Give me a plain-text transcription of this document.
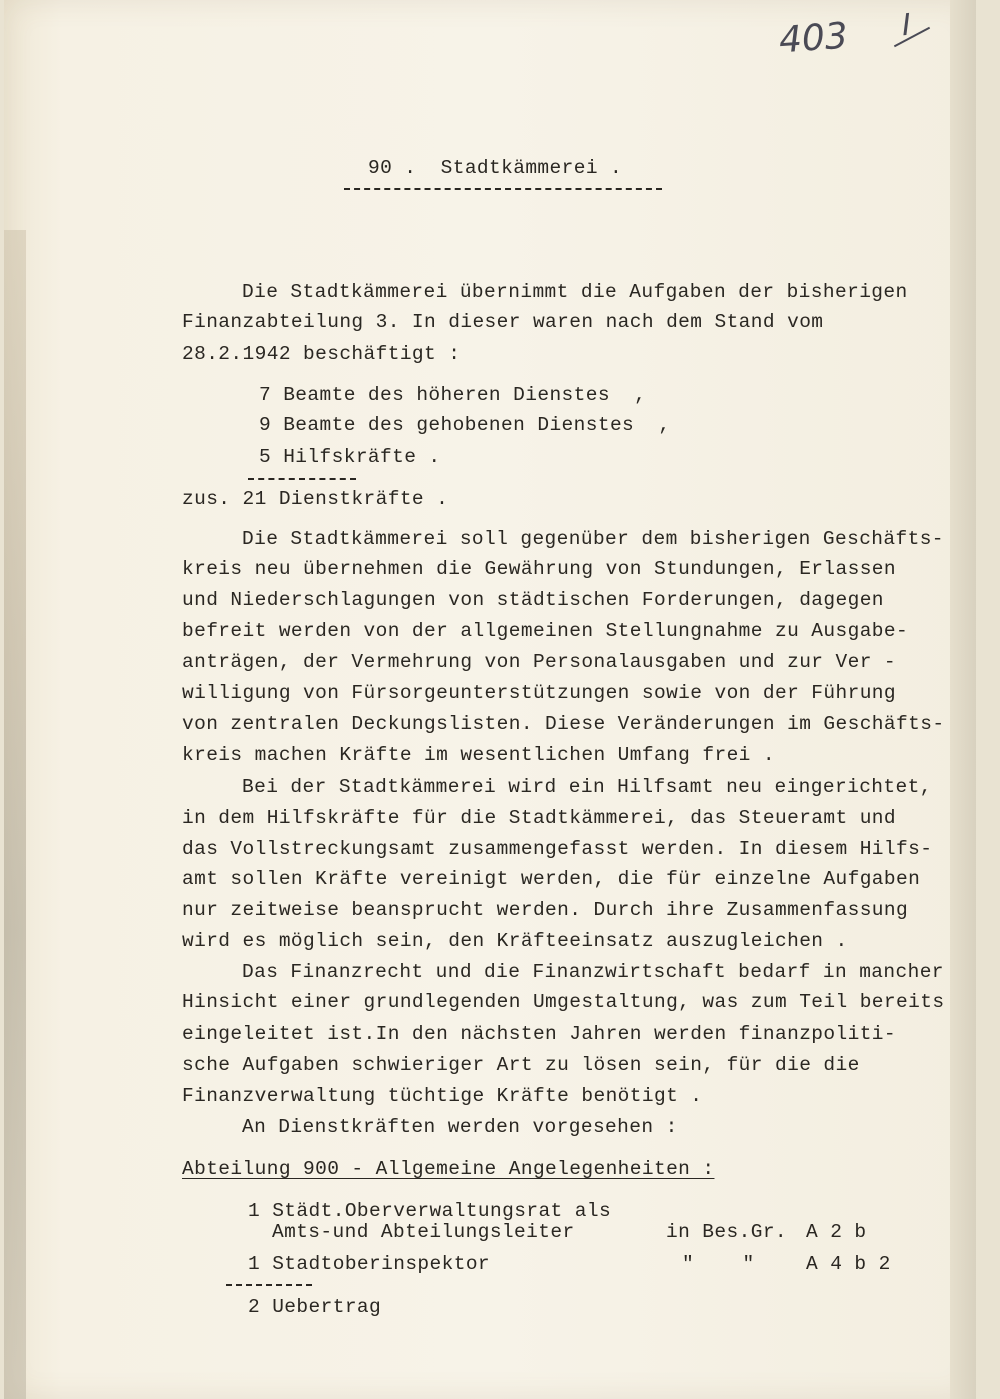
403 I
90 .  Stadtkämmerei .
Die Stadtkämmerei übernimmt die Aufgaben der bisherigen
Finanzabteilung 3. In dieser waren nach dem Stand vom
28.2.1942 beschäftigt :
7 Beamte des höheren Dienstes  ,
9 Beamte des gehobenen Dienstes  ,
5 Hilfskräfte .
zus. 21 Dienstkräfte .
Die Stadtkämmerei soll gegenüber dem bisherigen Geschäfts-
kreis neu übernehmen die Gewährung von Stundungen, Erlassen
und Niederschlagungen von städtischen Forderungen, dagegen
befreit werden von der allgemeinen Stellungnahme zu Ausgabe-
anträgen, der Vermehrung von Personalausgaben und zur Ver -
willigung von Fürsorgeunterstützungen sowie von der Führung
von zentralen Deckungslisten. Diese Veränderungen im Geschäfts-
kreis machen Kräfte im wesentlichen Umfang frei .
Bei der Stadtkämmerei wird ein Hilfsamt neu eingerichtet,
in dem Hilfskräfte für die Stadtkämmerei, das Steueramt und
das Vollstreckungsamt zusammengefasst werden. In diesem Hilfs-
amt sollen Kräfte vereinigt werden, die für einzelne Aufgaben
nur zeitweise beansprucht werden. Durch ihre Zusammenfassung
wird es möglich sein, den Kräfteeinsatz auszugleichen .
Das Finanzrecht und die Finanzwirtschaft bedarf in mancher
Hinsicht einer grundlegenden Umgestaltung, was zum Teil bereits
eingeleitet ist.In den nächsten Jahren werden finanzpoliti-
sche Aufgaben schwieriger Art zu lösen sein, für die die
Finanzverwaltung tüchtige Kräfte benötigt .
An Dienstkräften werden vorgesehen :
Abteilung 900 - Allgemeine Angelegenheiten :
1 Städt.Oberverwaltungsrat als
Amts-und Abteilungsleiter	in Bes.Gr. A 2 b
1 Stadtoberinspektor	"    "	A 4 b 2
2 Uebertrag
